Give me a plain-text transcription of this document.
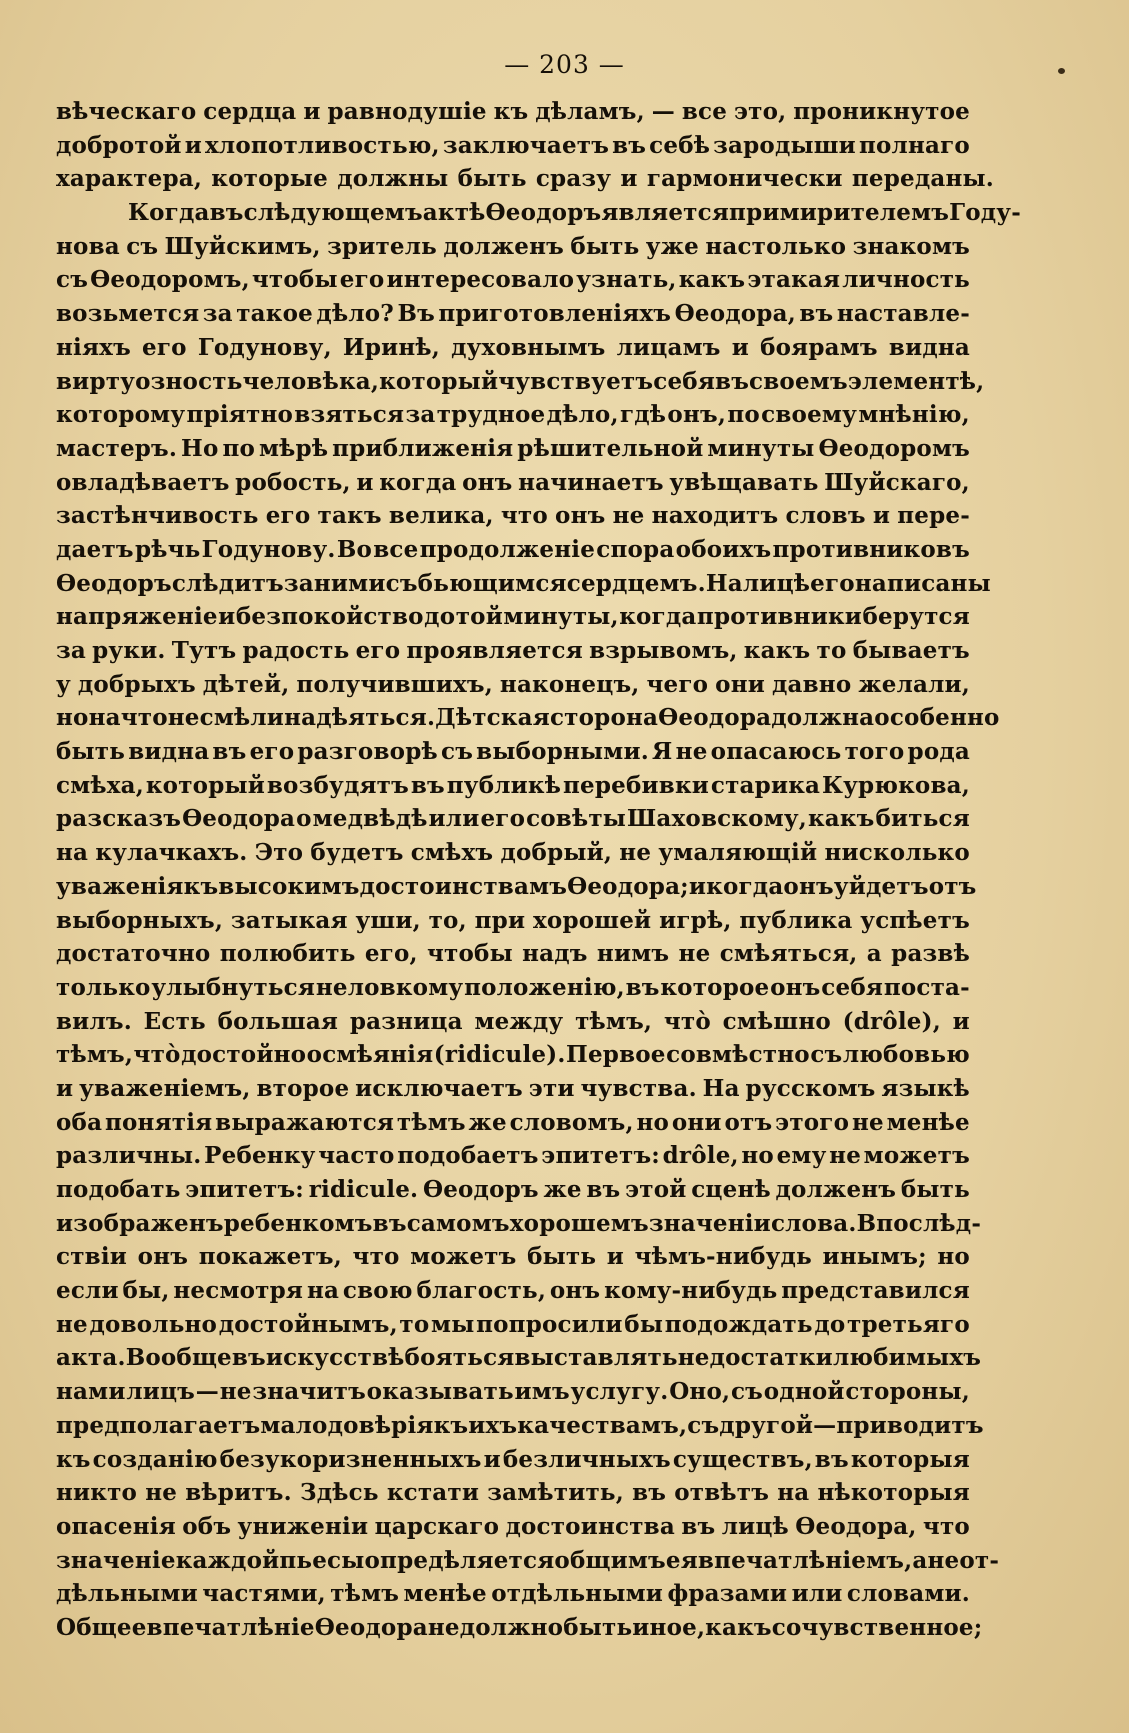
— 203 —
вѣческаго сердца и равнодушіе къ дѣламъ, — все это, проникнутое
добротой и хлопотливостью, заключаетъ въ себѣ зародыши полнаго
характера, которые должны быть сразу и гармонически переданы.
Когда въ слѣдующемъ актѣ Ѳеодоръ является примирителемъ Году-
нова съ Шуйскимъ, зритель долженъ быть уже настолько знакомъ
съ Ѳеодоромъ, чтобы его интересовало узнать, какъ этакая личность
возьмется за такое дѣло? Въ приготовленіяхъ Ѳеодора, въ наставле-
ніяхъ его Годунову, Иринѣ, духовнымъ лицамъ и боярамъ видна
виртуозность человѣка, который чувствуетъ себя въ своемъ элементѣ,
которому пріятно взяться за трудное дѣло, гдѣ онъ, по своему мнѣнію,
мастеръ. Но по мѣрѣ приближенія рѣшительной минуты Ѳеодоромъ
овладѣваетъ робость, и когда онъ начинаетъ увѣщавать Шуйскаго,
застѣнчивость его такъ велика, что онъ не находитъ словъ и пере-
даетъ рѣчь Годунову. Во все продолженіе спора обоихъ противниковъ
Ѳеодоръ слѣдитъ за ними съ бьющимся сердцемъ. На лицѣ его написаны
напряженіе и безпокойство до той минуты, когда противники берутся
за руки. Тутъ радость его проявляется взрывомъ, какъ то бываетъ
у добрыхъ дѣтей, получившихъ, наконецъ, чего они давно желали,
но на что не смѣли надѣяться. Дѣтская сторона Ѳеодора должна особенно
быть видна въ его разговорѣ съ выборными. Я не опасаюсь того рода
смѣха, который возбудятъ въ публикѣ перебивки старика Курюкова,
разсказъ Ѳеодора о медвѣдѣ или его совѣты Шаховскому, какъ биться
на кулачкахъ. Это будетъ смѣхъ добрый, не умаляющій нисколько
уваженія къ высокимъ достоинствамъ Ѳеодора; и когда онъ уйдетъ отъ
выборныхъ, затыкая уши, то, при хорошей игрѣ, публика успѣетъ
достаточно полюбить его, чтобы надъ нимъ не смѣяться, а развѣ
только улыбнуться неловкому положенію, въ которое онъ себя поста-
вилъ. Есть большая разница между тѣмъ, что̀ смѣшно (drôle), и
тѣмъ, что̀ достойно осмѣянія (ridicule). Первое совмѣстно съ любовью
и уваженіемъ, второе исключаетъ эти чувства. На русскомъ языкѣ
оба понятія выражаются тѣмъ же словомъ, но они отъ этого не менѣе
различны. Ребенку часто подобаетъ эпитетъ: drôle, но ему не можетъ
подобать эпитетъ: ridicule. Ѳеодоръ же въ этой сценѣ долженъ быть
изображенъ ребенкомъ въ самомъ хорошемъ значеніи слова. Впослѣд-
ствіи онъ покажетъ, что можетъ быть и чѣмъ-нибудь инымъ; но
если бы, несмотря на свою благость, онъ кому-нибудь представился
не довольно достойнымъ, то мы попросили бы подождать до третьяго
акта. Вообще въ искусствѣ бояться выставлять недостатки любимыхъ
нами лицъ — не значитъ оказывать имъ услугу. Оно, съ одной стороны,
предполагаетъ мало довѣрія къ ихъ качествамъ, съ другой — приводитъ
къ созданію безукоризненныхъ и безличныхъ существъ, въ которыя
никто не вѣритъ. Здѣсь кстати замѣтить, въ отвѣтъ на нѣкоторыя
опасенія объ униженіи царскаго достоинства въ лицѣ Ѳеодора, что
значеніе каждой пьесы опредѣляется общимъ ея впечатлѣніемъ, а не от-
дѣльными частями, тѣмъ менѣе отдѣльными фразами или словами.
Общее впечатлѣніе Ѳеодора не должно быть иное, какъ сочувственное;
